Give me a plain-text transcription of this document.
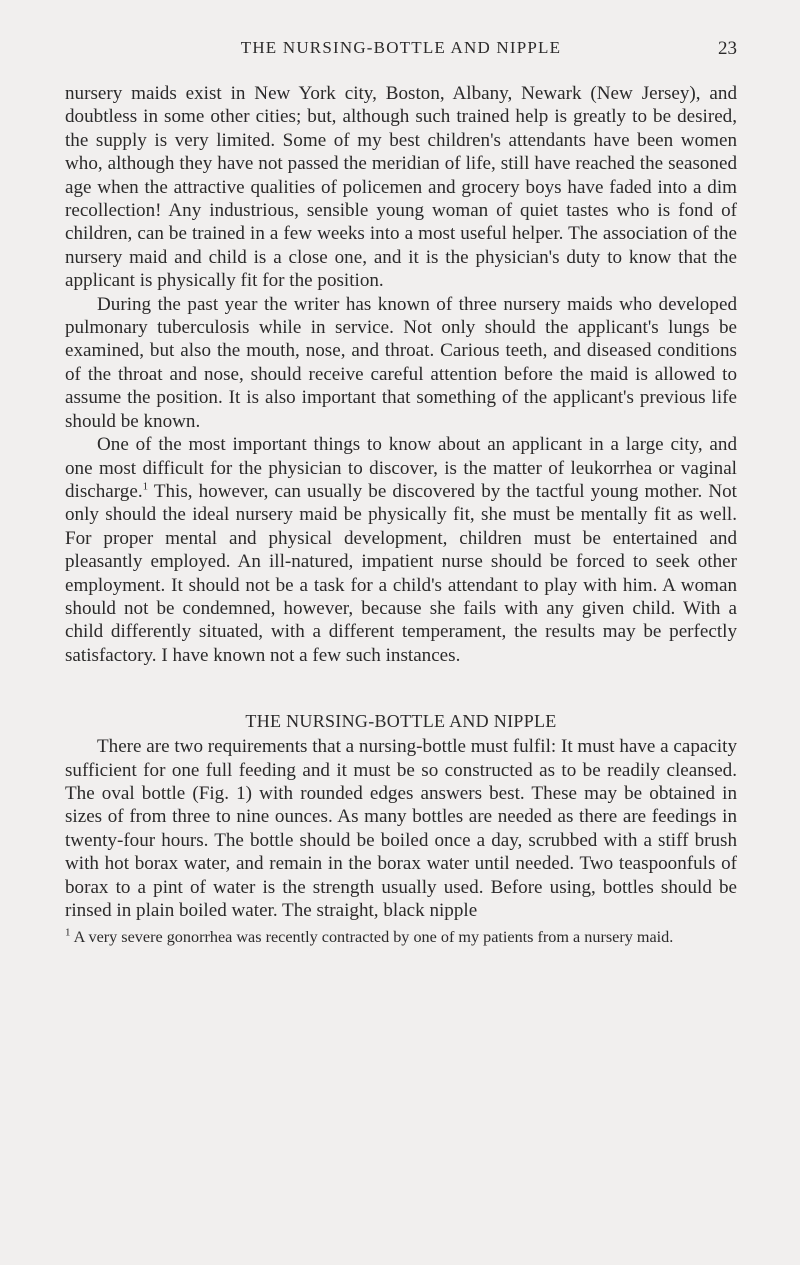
THE NURSING-BOTTLE AND NIPPLE	23

nursery maids exist in New York city, Boston, Albany, Newark (New Jersey), and doubtless in some other cities; but, although such trained help is greatly to be desired, the supply is very limited. Some of my best children's attendants have been women who, although they have not passed the meridian of life, still have reached the seasoned age when the attractive qualities of policemen and grocery boys have faded into a dim recollection! Any industrious, sensible young woman of quiet tastes who is fond of children, can be trained in a few weeks into a most useful helper. The association of the nursery maid and child is a close one, and it is the physician's duty to know that the applicant is physically fit for the position.

During the past year the writer has known of three nursery maids who developed pulmonary tuberculosis while in service. Not only should the applicant's lungs be examined, but also the mouth, nose, and throat. Carious teeth, and diseased conditions of the throat and nose, should receive careful attention before the maid is allowed to assume the position. It is also important that something of the applicant's previous life should be known.

One of the most important things to know about an applicant in a large city, and one most difficult for the physician to discover, is the matter of leukorrhea or vaginal discharge.$^1$ This, however, can usually be discovered by the tactful young mother. Not only should the ideal nursery maid be physically fit, she must be mentally fit as well. For proper mental and physical development, children must be entertained and pleasantly employed. An ill-natured, impatient nurse should be forced to seek other employment. It should not be a task for a child's attendant to play with him. A woman should not be condemned, however, because she fails with any given child. With a child differently situated, with a different temperament, the results may be perfectly satisfactory. I have known not a few such instances.

THE NURSING-BOTTLE AND NIPPLE

There are two requirements that a nursing-bottle must fulfil: It must have a capacity sufficient for one full feeding and it must be so constructed as to be readily cleansed. The oval bottle (Fig. 1) with rounded edges answers best. These may be obtained in sizes of from three to nine ounces. As many bottles are needed as there are feedings in twenty-four hours. The bottle should be boiled once a day, scrubbed with a stiff brush with hot borax water, and remain in the borax water until needed. Two teaspoonfuls of borax to a pint of water is the strength usually used. Before using, bottles should be rinsed in plain boiled water. The straight, black nipple

$^1$ A very severe gonorrhea was recently contracted by one of my patients from a nursery maid.
